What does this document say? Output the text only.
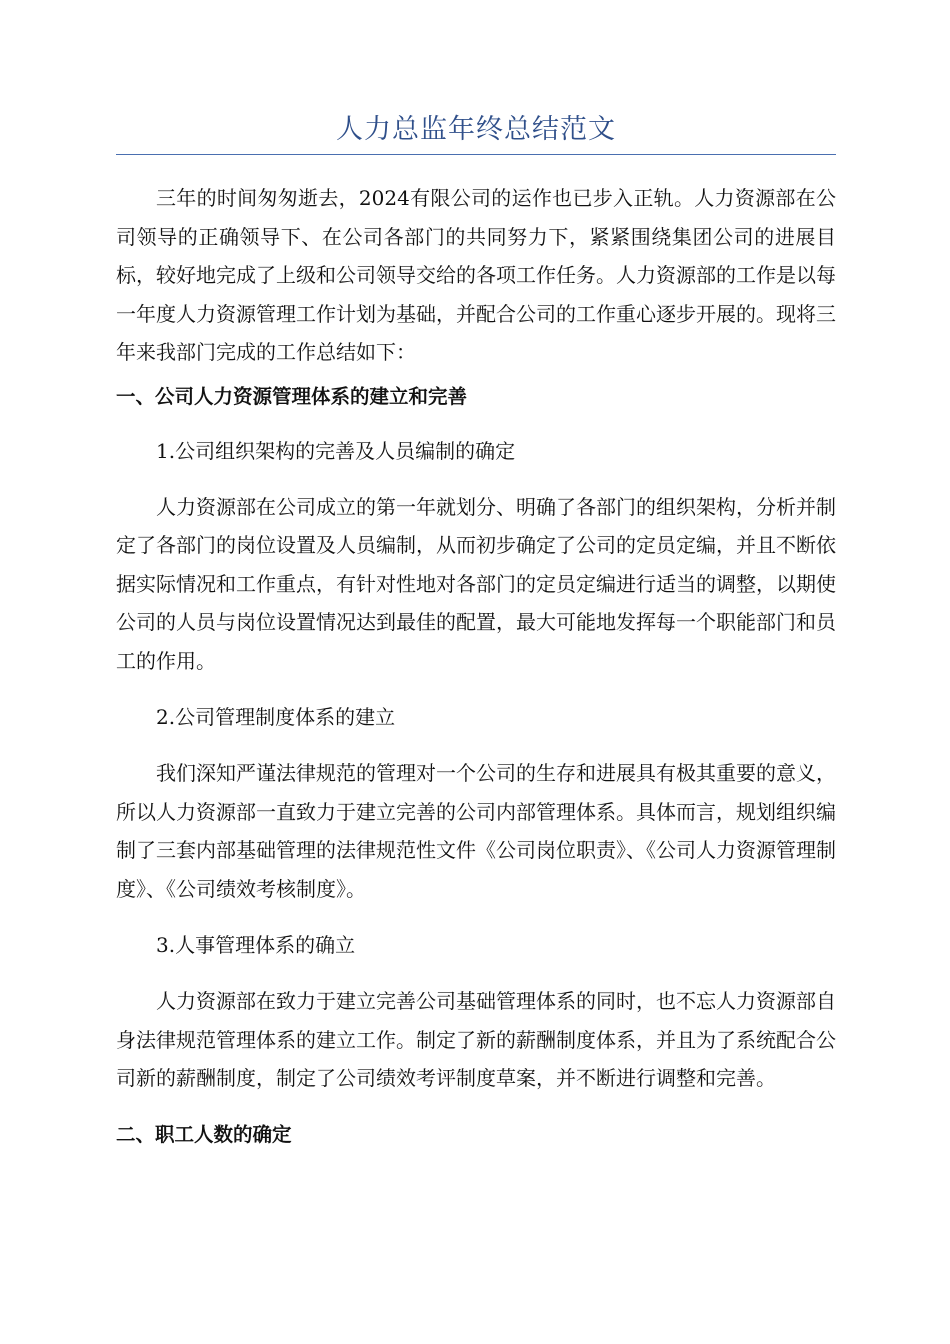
人力总监年终总结范文

三年的时间匆匆逝去，2024有限公司的运作也已步入正轨。人力资源部在公司领导的正确领导下、在公司各部门的共同努力下，紧紧围绕集团公司的进展目标，较好地完成了上级和公司领导交给的各项工作任务。人力资源部的工作是以每一年度人力资源管理工作计划为基础，并配合公司的工作重心逐步开展的。现将三年来我部门完成的工作总结如下：

一、公司人力资源管理体系的建立和完善
1.公司组织架构的完善及人员编制的确定

人力资源部在公司成立的第一年就划分、明确了各部门的组织架构，分析并制定了各部门的岗位设置及人员编制，从而初步确定了公司的定员定编，并且不断依据实际情况和工作重点，有针对性地对各部门的定员定编进行适当的调整，以期使公司的人员与岗位设置情况达到最佳的配置，最大可能地发挥每一个职能部门和员工的作用。

2.公司管理制度体系的建立

我们深知严谨法律规范的管理对一个公司的生存和进展具有极其重要的意义，所以人力资源部一直致力于建立完善的公司内部管理体系。具体而言，规划组织编制了三套内部基础管理的法律规范性文件《公司岗位职责》、《公司人力资源管理制度》、《公司绩效考核制度》。

3.人事管理体系的确立

人力资源部在致力于建立完善公司基础管理体系的同时，也不忘人力资源部自身法律规范管理体系的建立工作。制定了新的薪酬制度体系，并且为了系统配合公司新的薪酬制度，制定了公司绩效考评制度草案，并不断进行调整和完善。

二、职工人数的确定
